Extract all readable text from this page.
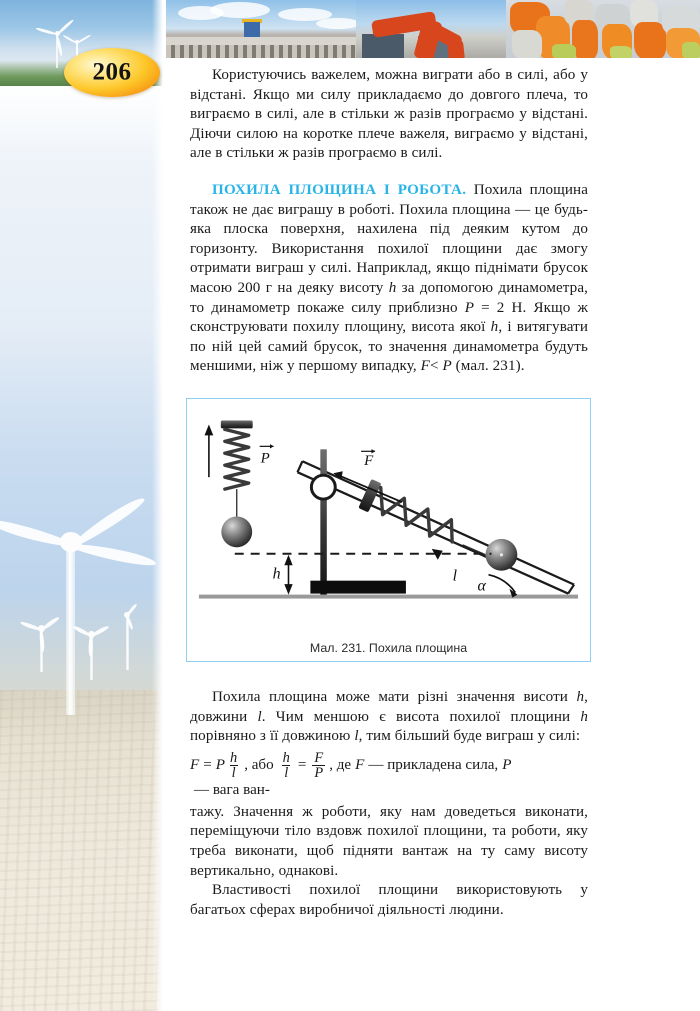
206	Користуючись важелем, можна виграти або в силі, або у відстані. Якщо ми силу прикладаємо до довгого плеча, то виграємо в силі, але в стільки ж разів програємо у відстані. Діючи силою на коротке плече важеля, виграємо у відстані, але в стільки ж разів програємо в силі.

ПОХИЛА ПЛОЩИНА І РОБОТА. Похила площина також не дає виграшу в роботі. Похила площина — це будь-яка плоска поверхня, нахилена під деяким кутом до горизонту. Використання похилої площини дає змогу отримати виграш у силі. Наприклад, якщо піднімати брусок масою 200 г на деяку висоту h за допомогою динамометра, то динамометр покаже силу приблизно P = 2 Н. Якщо ж сконструювати похилу площину, висота якої h, і витягувати по ній цей самий брусок, то значення динамометра будуть меншими, ніж у першому випадку, F< P (мал. 231).

P	F
h	l
α
Мал. 231. Похила площина

Похила площина може мати різні значення висоти h, довжини l. Чим меншою є висота похилої площини h порівняно з її довжиною l, тим більший буде виграш у силі:

F = P $\frac{h}{l}$ , або $\frac{h}{l} = \frac{F}{P}$ , де F — прикладена сила, P
— вага ван-

тажу. Значення ж роботи, яку нам доведеться виконати, переміщуючи тіло вздовж похилої площини, та роботи, яку треба виконати, щоб підняти вантаж на ту саму висоту вертикально, однакові.

Властивості похилої площини використовують у багатьох сферах виробничої діяльності людини.
